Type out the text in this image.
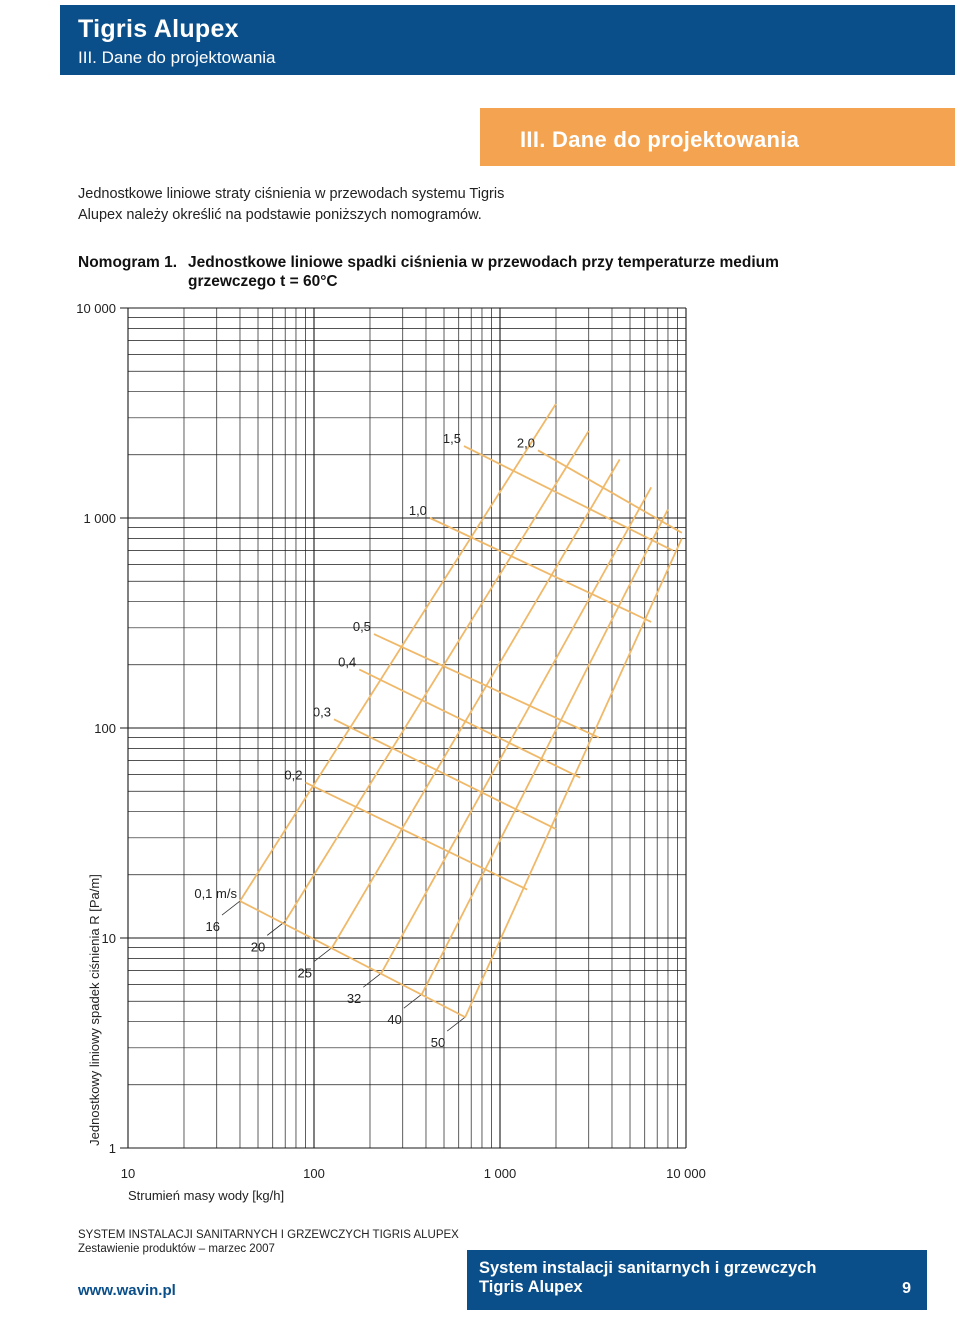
Tigris Alupex
III. Dane do projektowania
III. Dane do projektowania
Jednostkowe liniowe straty ciśnienia w przewodach systemu Tigris Alupex należy określić na podstawie poniższych nomogramów.
Nomogram 1. Jednostkowe liniowe spadki ciśnienia w przewodach przy temperaturze medium
grzewczego t = 60°C
1
10
100
1 000
10 000
10	100	1 000	10 000
Strumień masy wody [kg/h]
Jednostkowy liniowy spadek ciśnienia R [Pa/m]	16
20
25
32
40
50
0,1 m/s
0,2
0,3
0,4
0,5
1,0
1,5	2,0
SYSTEM INSTALACJI SANITARNYCH I GRZEWCZYCH TIGRIS ALUPEX
Zestawienie produktów – marzec 2007
www.wavin.pl
System instalacji sanitarnych i grzewczych
Tigris Alupex	9
